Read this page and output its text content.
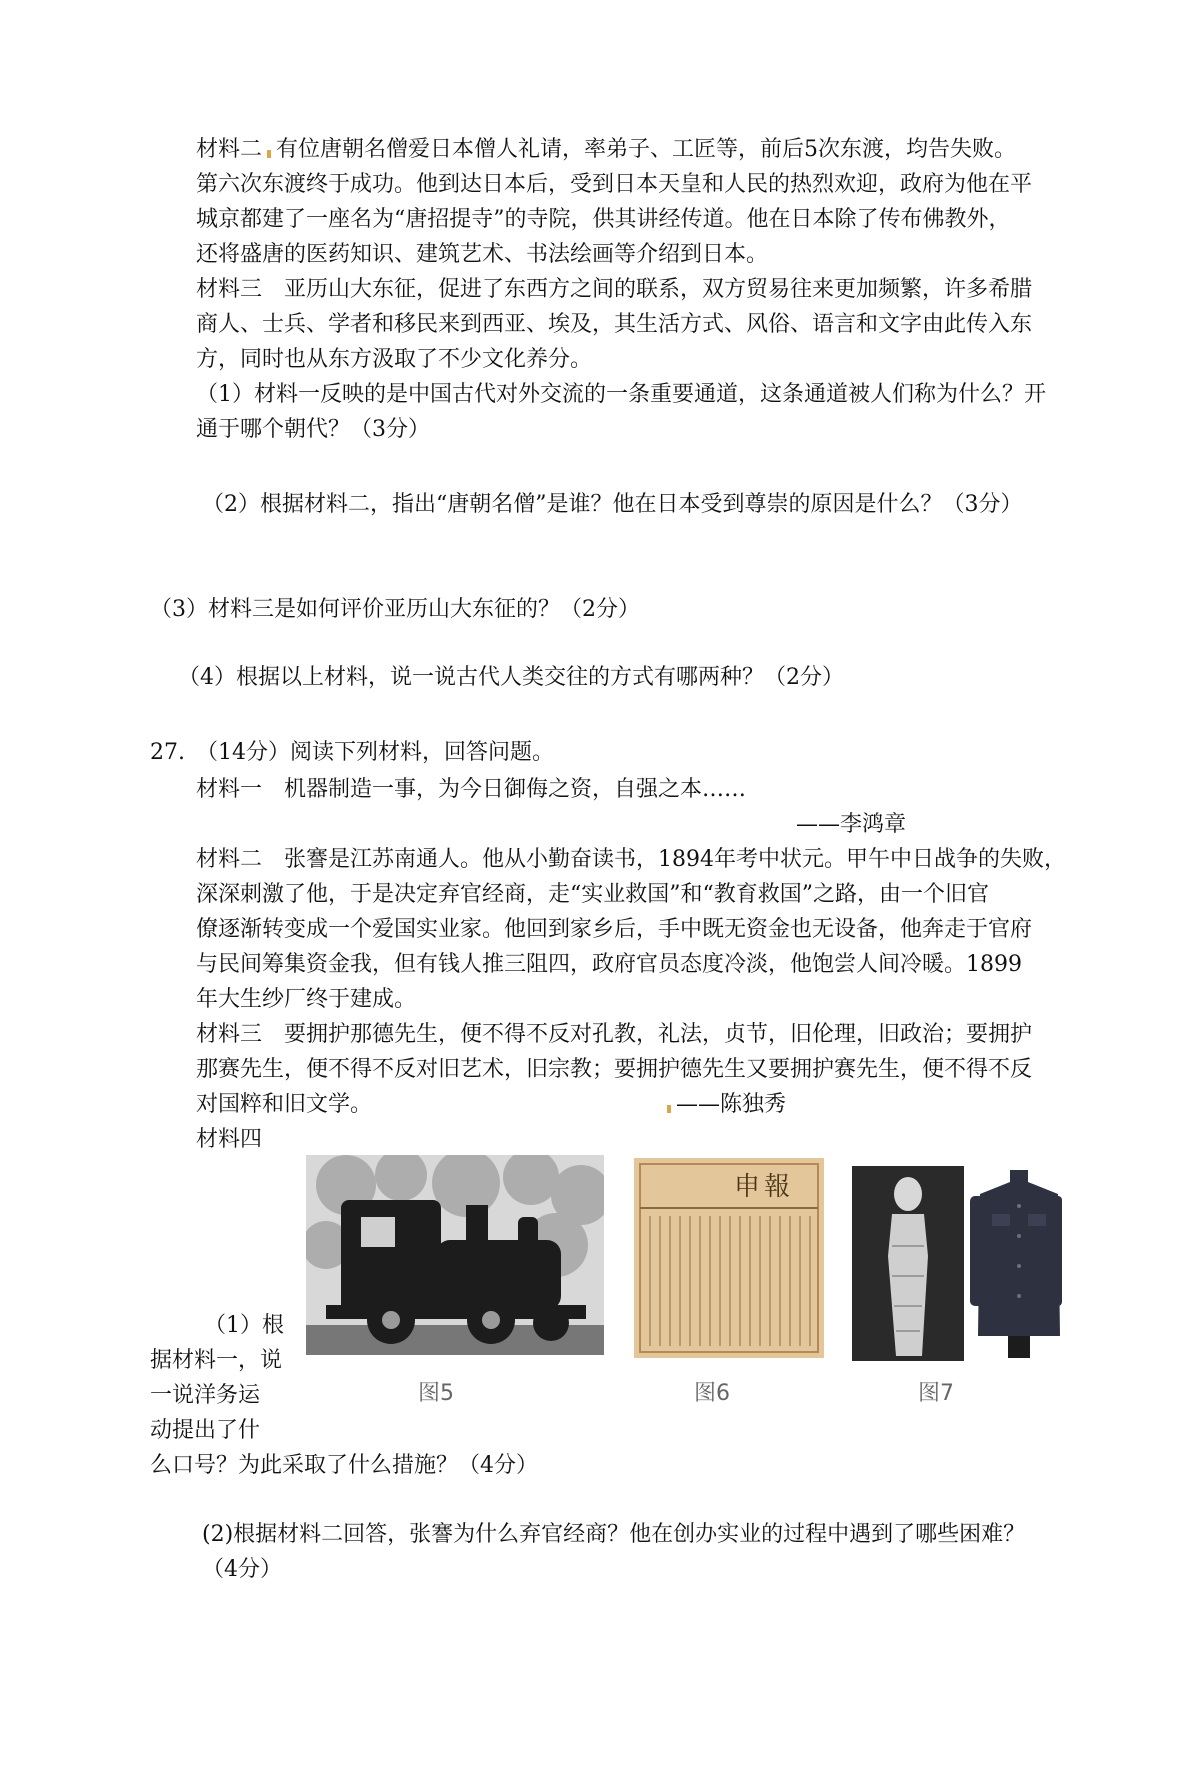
材料二 有位唐朝名僧爱日本僧人礼请，率弟子、工匠等，前后5次东渡，均告失败。

第六次东渡终于成功。他到达日本后，受到日本天皇和人民的热烈欢迎，政府为他在平

城京都建了一座名为“唐招提寺”的寺院，供其讲经传道。他在日本除了传布佛教外，

还将盛唐的医药知识、建筑艺术、书法绘画等介绍到日本。

材料三　亚历山大东征，促进了东西方之间的联系，双方贸易往来更加频繁，许多希腊

商人、士兵、学者和移民来到西亚、埃及，其生活方式、风俗、语言和文字由此传入东

方，同时也从东方汲取了不少文化养分。

（1）材料一反映的是中国古代对外交流的一条重要通道，这条通道被人们称为什么？开

通于哪个朝代？（3分）

（2）根据材料二，指出“唐朝名僧”是谁？他在日本受到尊崇的原因是什么？（3分）

（3）材料三是如何评价亚历山大东征的？（2分）

（4）根据以上材料，说一说古代人类交往的方式有哪两种？（2分）

27.　（14分）阅读下列材料，回答问题。

材料一　机器制造一事，为今日御侮之资，自强之本……

——李鸿章

材料二　张謇是江苏南通人。他从小勤奋读书，1894年考中状元。甲午中日战争的失败，

深深刺激了他，于是决定弃官经商，走“实业救国”和“教育救国”之路，由一个旧官

僚逐渐转变成一个爱国实业家。他回到家乡后，手中既无资金也无设备，他奔走于官府

与民间筹集资金我，但有钱人推三阻四，政府官员态度冷淡，他饱尝人间冷暖。1899

年大生纱厂终于建成。

材料三　要拥护那德先生，便不得不反对孔教，礼法，贞节，旧伦理，旧政治；要拥护

那赛先生，便不得不反对旧艺术，旧宗教；要拥护德先生又要拥护赛先生，便不得不反

对国粹和旧文学。	——陈独秀

材料四

图5
申報
图6	图7

（1）根

据材料一，说

一说洋务运

动提出了什

么口号？为此采取了什么措施？（4分）

(2)根据材料二回答，张謇为什么弃官经商？他在创办实业的过程中遇到了哪些困难？

（4分）
